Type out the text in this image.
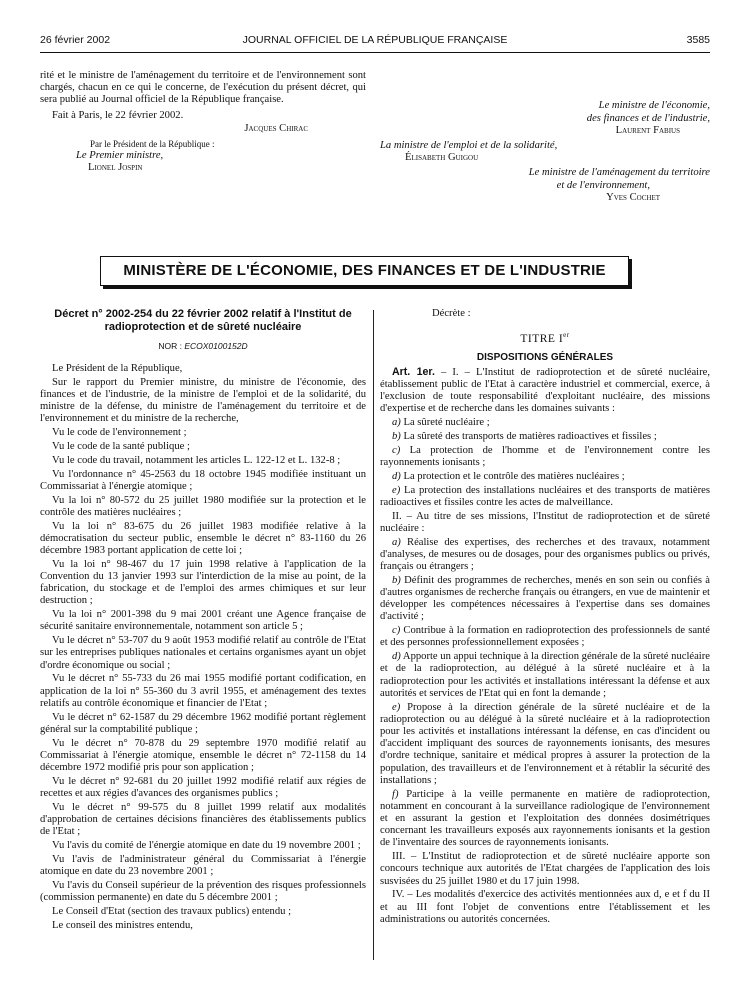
26 février 2002	JOURNAL OFFICIEL DE LA RÉPUBLIQUE FRANÇAISE	3585

rité et le ministre de l'aménagement du territoire et de l'environnement sont chargés, chacun en ce qui le concerne, de l'exécution du présent décret, qui sera publié au Journal officiel de la République française.

Fait à Paris, le 22 février 2002.

Jacques Chirac
Par le Président de la République :
Le Premier ministre,
Lionel Jospin
Le ministre de l'économie,
des finances et de l'industrie,
Laurent Fabius
La ministre de l'emploi et de la solidarité,
Élisabeth Guigou
Le ministre de l'aménagement du territoire
et de l'environnement,
Yves Cochet
MINISTÈRE DE L'ÉCONOMIE, DES FINANCES ET DE L'INDUSTRIE
Décret n° 2002-254 du 22 février 2002 relatif à l'Institut de radioprotection et de sûreté nucléaire
NOR : ECOX0100152D

Le Président de la République,

Sur le rapport du Premier ministre, du ministre de l'économie, des finances et de l'industrie, de la ministre de l'emploi et de la solidarité, du ministre de la défense, du ministre de l'aménagement du territoire et de l'environnement et du ministre de la recherche,

Vu le code de l'environnement ;

Vu le code de la santé publique ;

Vu le code du travail, notamment les articles L. 122-12 et L. 132-8 ;

Vu l'ordonnance n° 45-2563 du 18 octobre 1945 modifiée instituant un Commissariat à l'énergie atomique ;

Vu la loi n° 80-572 du 25 juillet 1980 modifiée sur la protection et le contrôle des matières nucléaires ;

Vu la loi n° 83-675 du 26 juillet 1983 modifiée relative à la démocratisation du secteur public, ensemble le décret n° 83-1160 du 26 décembre 1983 portant application de cette loi ;

Vu la loi n° 98-467 du 17 juin 1998 relative à l'application de la Convention du 13 janvier 1993 sur l'interdiction de la mise au point, de la fabrication, du stockage et de l'emploi des armes chimiques et sur leur destruction ;

Vu la loi n° 2001-398 du 9 mai 2001 créant une Agence française de sécurité sanitaire environnementale, notamment son article 5 ;

Vu le décret n° 53-707 du 9 août 1953 modifié relatif au contrôle de l'Etat sur les entreprises publiques nationales et certains organismes ayant un objet d'ordre économique ou social ;

Vu le décret n° 55-733 du 26 mai 1955 modifié portant codification, en application de la loi n° 55-360 du 3 avril 1955, et aménagement des textes relatifs au contrôle économique et financier de l'Etat ;

Vu le décret n° 62-1587 du 29 décembre 1962 modifié portant règlement général sur la comptabilité publique ;

Vu le décret n° 70-878 du 29 septembre 1970 modifié relatif au Commissariat à l'énergie atomique, ensemble le décret n° 72-1158 du 14 décembre 1972 modifié pris pour son application ;

Vu le décret n° 92-681 du 20 juillet 1992 modifié relatif aux régies de recettes et aux régies d'avances des organismes publics ;

Vu le décret n° 99-575 du 8 juillet 1999 relatif aux modalités d'approbation de certaines décisions financières des établissements publics de l'Etat ;

Vu l'avis du comité de l'énergie atomique en date du 19 novembre 2001 ;

Vu l'avis de l'administrateur général du Commissariat à l'énergie atomique en date du 23 novembre 2001 ;

Vu l'avis du Conseil supérieur de la prévention des risques professionnels (commission permanente) en date du 5 décembre 2001 ;

Le Conseil d'Etat (section des travaux publics) entendu ;

Le conseil des ministres entendu,

Décrète :
TITRE Ier
DISPOSITIONS GÉNÉRALES

Art. 1er. – I. – L'Institut de radioprotection et de sûreté nucléaire, établissement public de l'Etat à caractère industriel et commercial, exerce, à l'exclusion de toute responsabilité d'exploitant nucléaire, des missions d'expertise et de recherche dans les domaines suivants :

a) La sûreté nucléaire ;

b) La sûreté des transports de matières radioactives et fissiles ;

c) La protection de l'homme et de l'environnement contre les rayonnements ionisants ;

d) La protection et le contrôle des matières nucléaires ;

e) La protection des installations nucléaires et des transports de matières radioactives et fissiles contre les actes de malveillance.

II. – Au titre de ses missions, l'Institut de radioprotection et de sûreté nucléaire :

a) Réalise des expertises, des recherches et des travaux, notamment d'analyses, de mesures ou de dosages, pour des organismes publics ou privés, français ou étrangers ;

b) Définit des programmes de recherches, menés en son sein ou confiés à d'autres organismes de recherche français ou étrangers, en vue de maintenir et développer les compétences nécessaires à l'expertise dans ses domaines d'activité ;

c) Contribue à la formation en radioprotection des professionnels de santé et des personnes professionnellement exposées ;

d) Apporte un appui technique à la direction générale de la sûreté nucléaire et de la radioprotection, au délégué à la sûreté nucléaire et à la radioprotection pour les activités et installations intéressant la défense et aux autorités et services de l'Etat qui en font la demande ;

e) Propose à la direction générale de la sûreté nucléaire et de la radioprotection ou au délégué à la sûreté nucléaire et à la radioprotection pour les activités et installations intéressant la défense, en cas d'incident ou d'accident impliquant des sources de rayonnements ionisants, des mesures d'ordre technique, sanitaire et médical propres à assurer la protection de la population, des travailleurs et de l'environnement et à rétablir la sécurité des installations ;

f) Participe à la veille permanente en matière de radioprotection, notamment en concourant à la surveillance radiologique de l'environnement et en assurant la gestion et l'exploitation des données dosimétriques concernant les travailleurs exposés aux rayonnements ionisants et la gestion de l'inventaire des sources de rayonnements ionisants.

III. – L'Institut de radioprotection et de sûreté nucléaire apporte son concours technique aux autorités de l'Etat chargées de l'application des lois susvisées du 25 juillet 1980 et du 17 juin 1998.

IV. – Les modalités d'exercice des activités mentionnées aux d, e et f du II et au III font l'objet de conventions entre l'établissement et les administrations ou autorités concernées.
